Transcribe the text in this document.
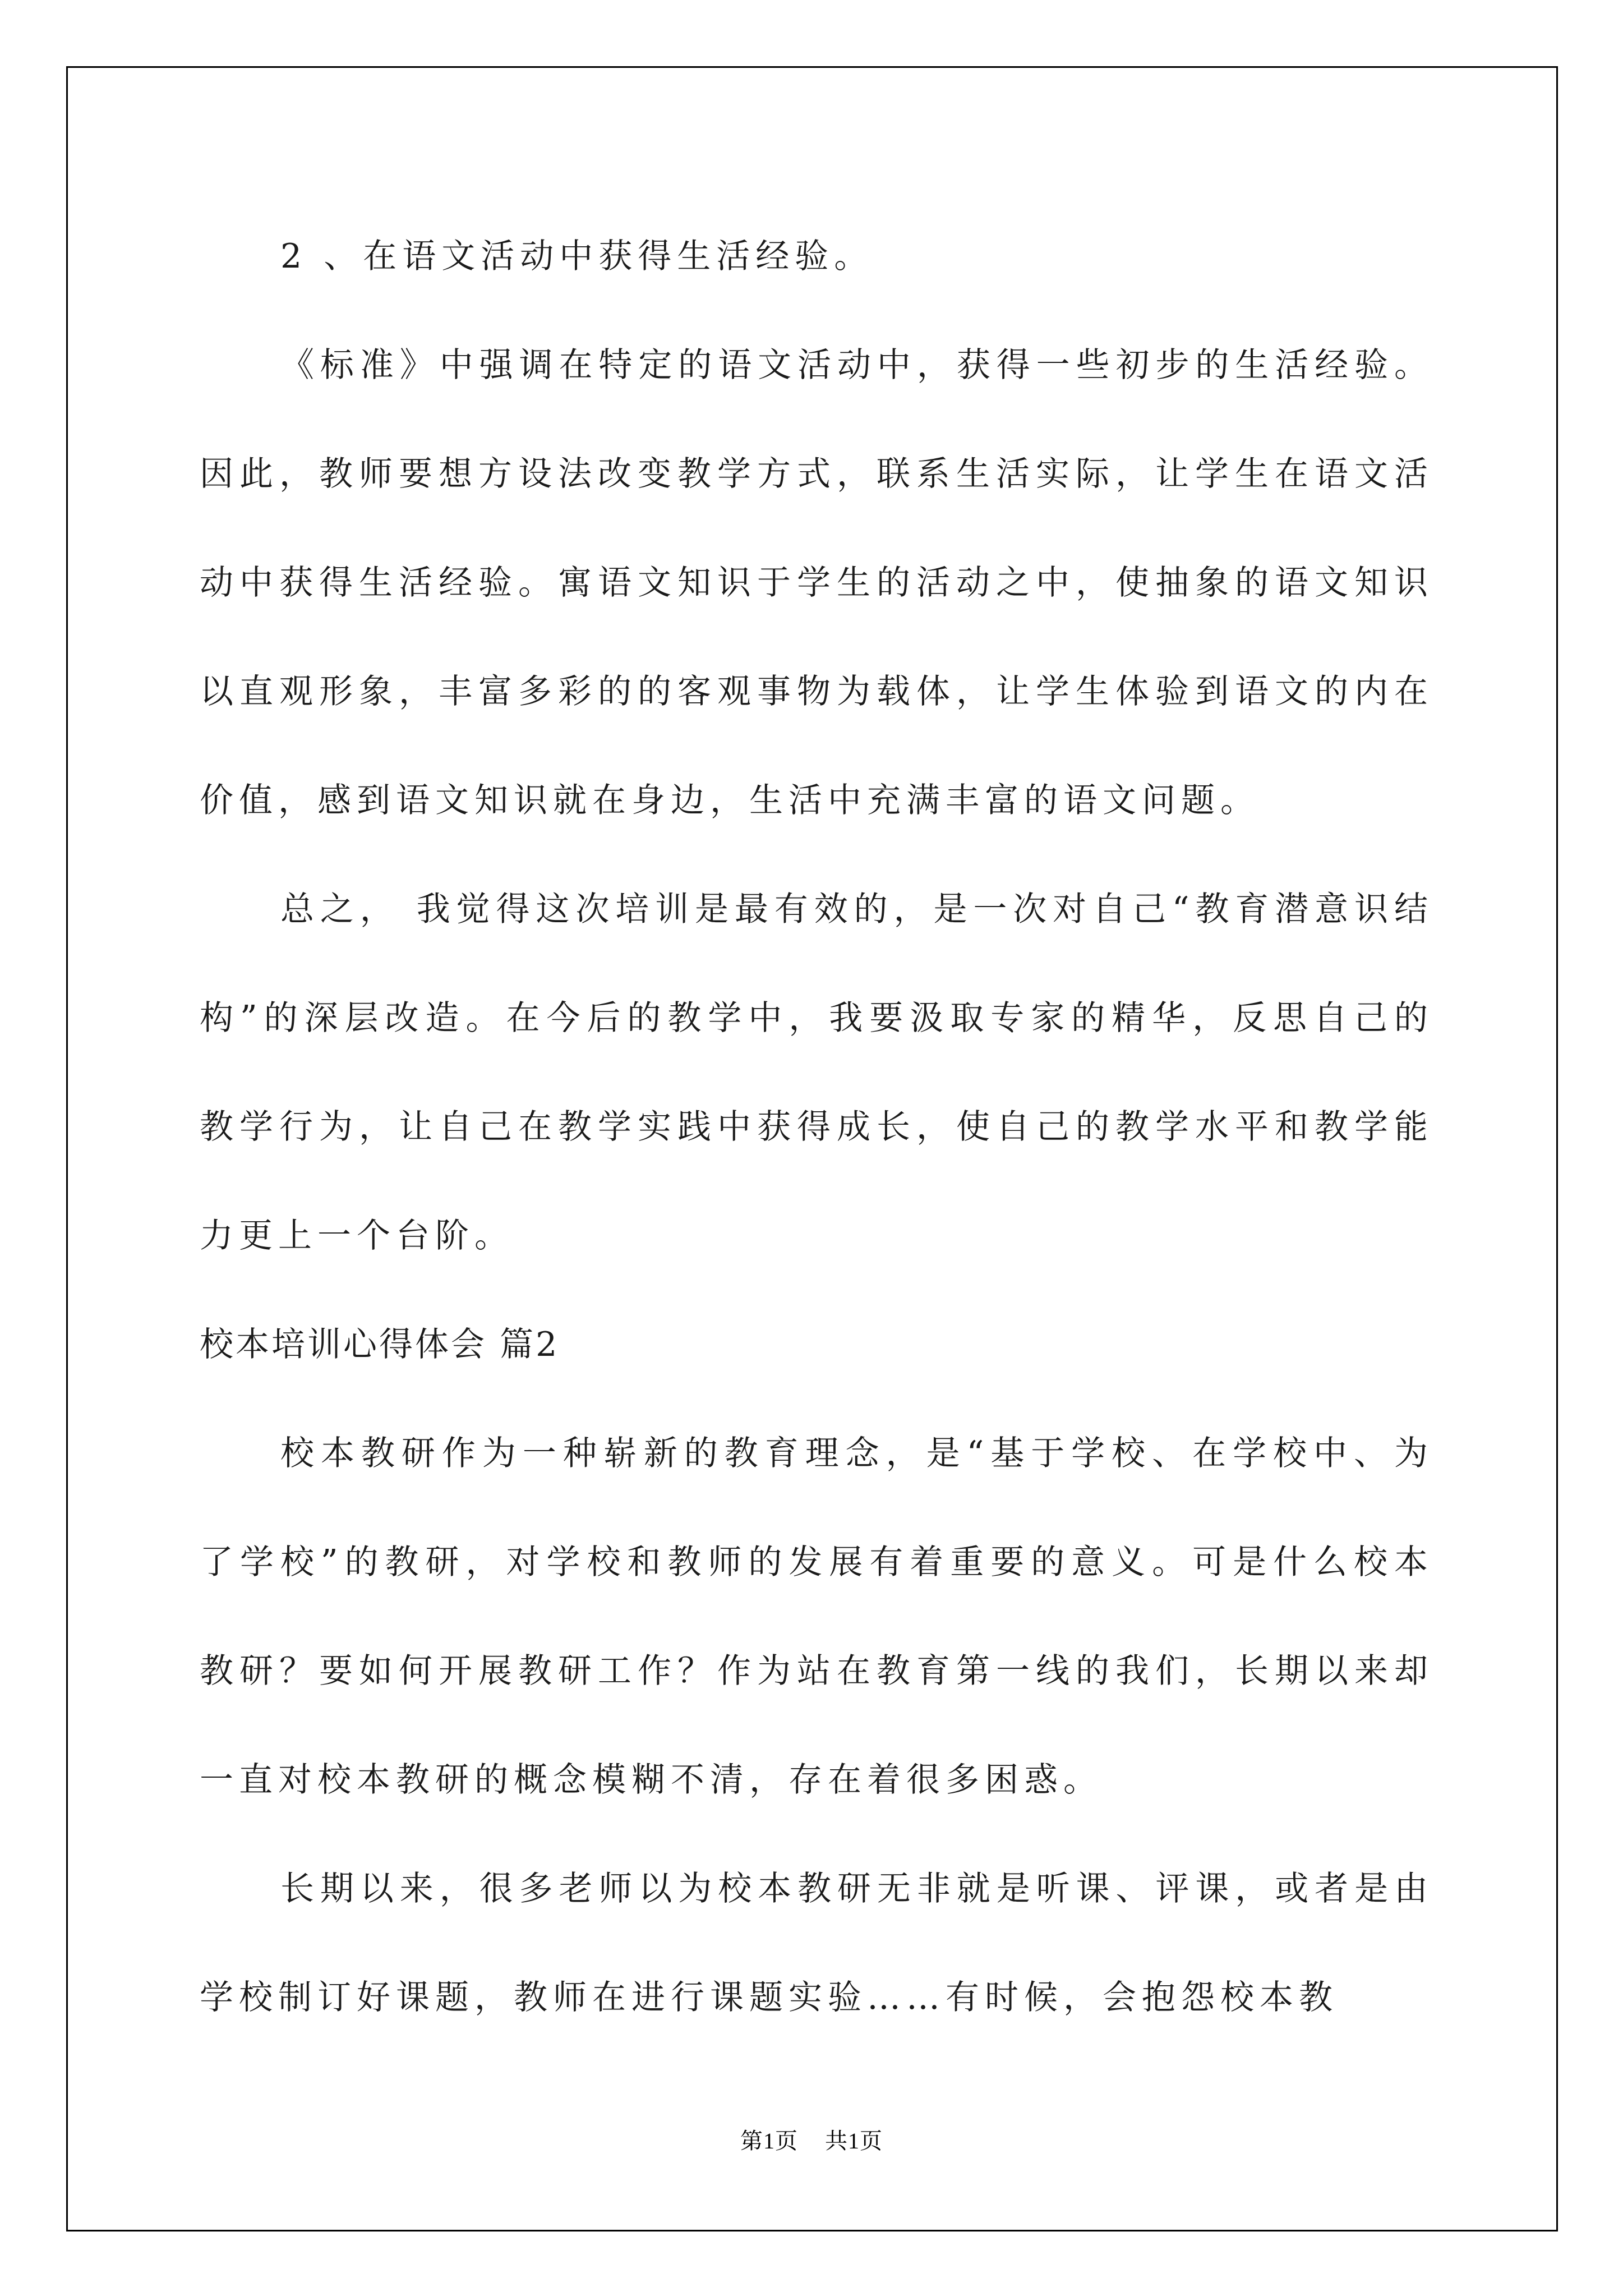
2 、在语文活动中获得生活经验。

《标准》中强调在特定的语文活动中，获得一些初步的生活经验。因此，教师要想方设法改变教学方式，联系生活实际，让学生在语文活动中获得生活经验。寓语文知识于学生的活动之中，使抽象的语文知识以直观形象，丰富多彩的的客观事物为载体，让学生体验到语文的内在价值，感到语文知识就在身边，生活中充满丰富的语文问题。

总之， 我觉得这次培训是最有效的，是一次对自己“教育潜意识结构”的深层改造。在今后的教学中，我要汲取专家的精华，反思自己的教学行为，让自己在教学实践中获得成长，使自己的教学水平和教学能力更上一个台阶。

校本培训心得体会 篇2

校本教研作为一种崭新的教育理念，是“基于学校、在学校中、为了学校”的教研，对学校和教师的发展有着重要的意义。可是什么校本教研？要如何开展教研工作？作为站在教育第一线的我们，长期以来却一直对校本教研的概念模糊不清，存在着很多困惑。

长期以来，很多老师以为校本教研无非就是听课、评课，或者是由学校制订好课题，教师在进行课题实验……有时候，会抱怨校本教

第1页 共1页
